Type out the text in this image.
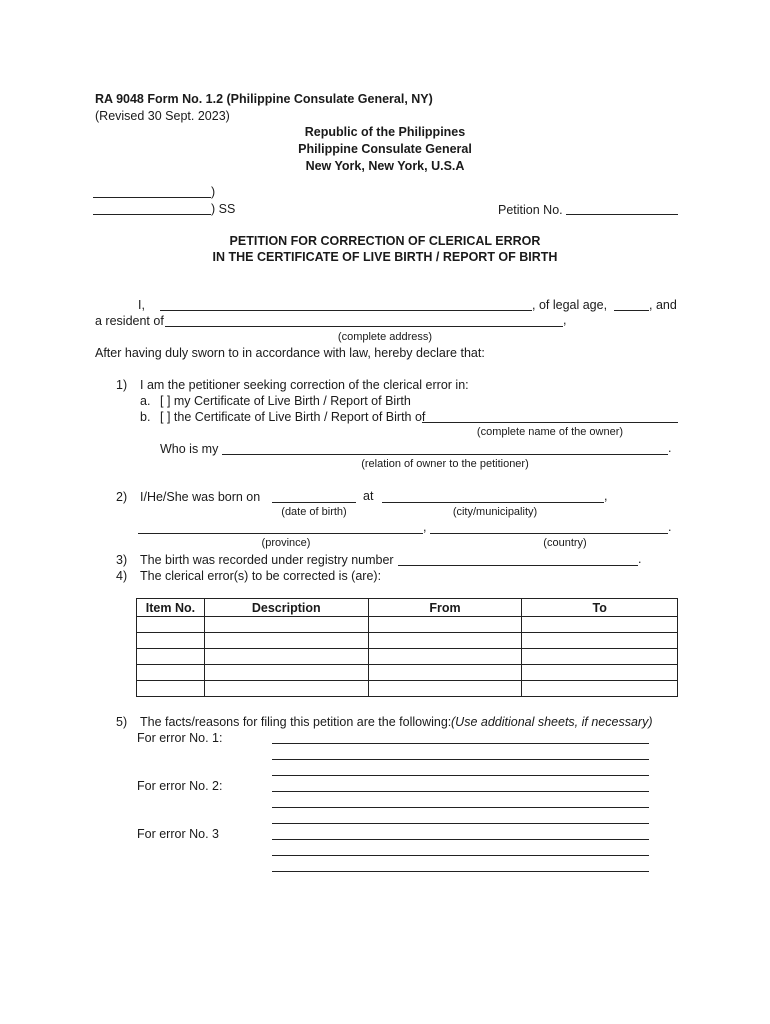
RA 9048 Form No. 1.2 (Philippine Consulate General, NY)
(Revised 30 Sept. 2023)
Republic of the Philippines
Philippine Consulate General
New York, New York, U.S.A
)
) SS	Petition No.
PETITION FOR CORRECTION OF CLERICAL ERROR
IN THE CERTIFICATE OF LIVE BIRTH / REPORT OF BIRTH
I,	, of legal age,	, and
a resident of	,
(complete address)
After having duly sworn to in accordance with law, hereby declare that:
1) I am the petitioner seeking correction of the clerical error in:
a. [ ] my Certificate of Live Birth / Report of Birth
b. [ ] the Certificate of Live Birth / Report of Birth of
(complete name of the owner)
Who is my	.
(relation of owner to the petitioner)
2) I/He/She was born on	at	,
(date of birth)	(city/municipality)
,	.
(province)	(country)
3) The birth was recorded under registry number	.
4) The clerical error(s) to be corrected is (are):
Item No.	Description	From	To

5) The facts/reasons for filing this petition are the following: (Use additional sheets, if necessary)
For error No. 1:
For error No. 2:
For error No. 3
